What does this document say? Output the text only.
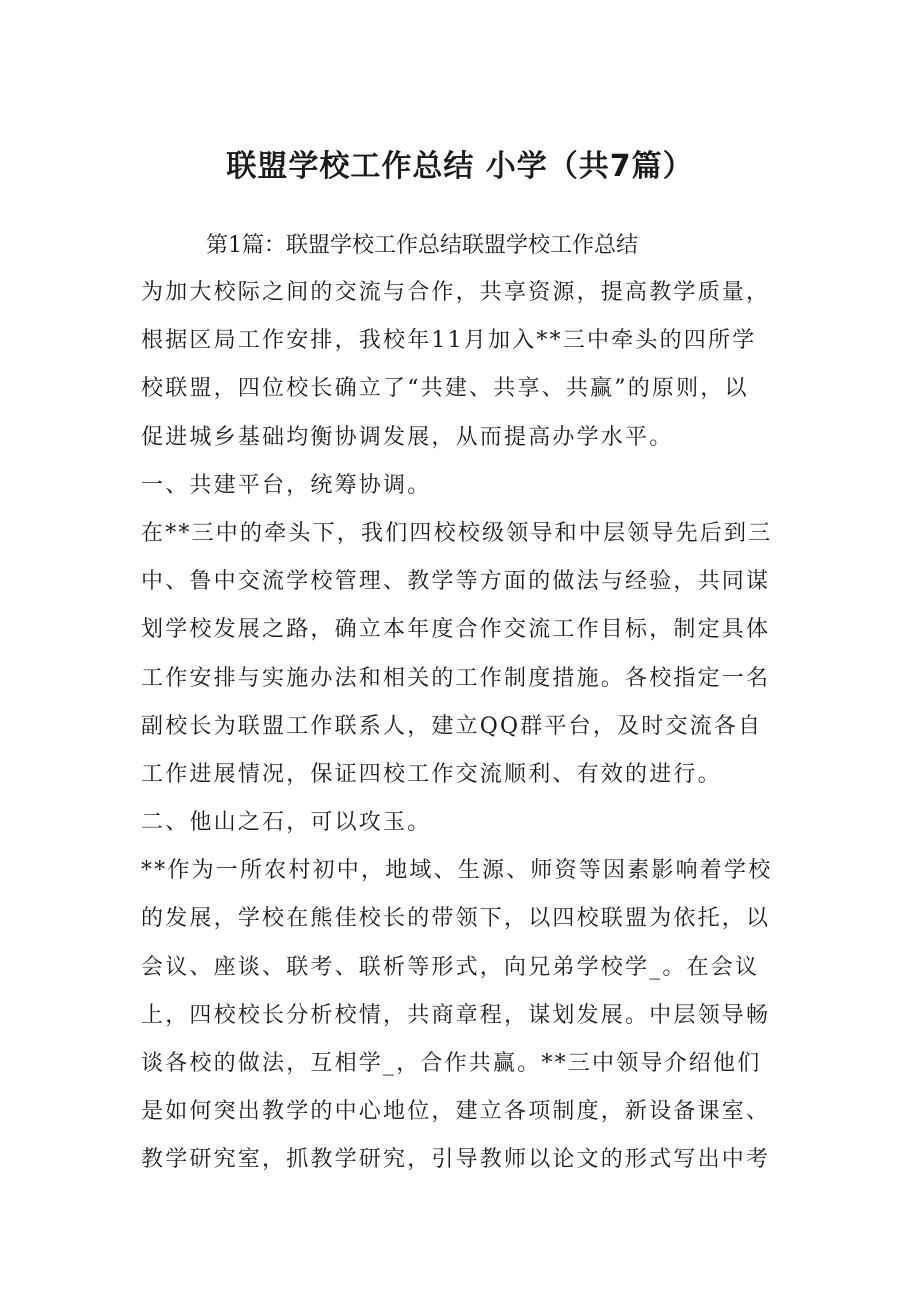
联盟学校工作总结 小学（共7篇）

第1篇：联盟学校工作总结联盟学校工作总结

为加大校际之间的交流与合作，共享资源，提高教学质量，
根据区局工作安排，我校年11月加入**三中牵头的四所学
校联盟，四位校长确立了“共建、共享、共赢”的原则，以
促进城乡基础均衡协调发展，从而提高办学水平。
一、共建平台，统筹协调。
在**三中的牵头下，我们四校校级领导和中层领导先后到三
中、鲁中交流学校管理、教学等方面的做法与经验，共同谋
划学校发展之路，确立本年度合作交流工作目标，制定具体
工作安排与实施办法和相关的工作制度措施。各校指定一名
副校长为联盟工作联系人，建立QQ群平台，及时交流各自
工作进展情况，保证四校工作交流顺利、有效的进行。
二、他山之石，可以攻玉。
**作为一所农村初中，地域、生源、师资等因素影响着学校
的发展，学校在熊佳校长的带领下，以四校联盟为依托，以
会议、座谈、联考、联析等形式，向兄弟学校学_。在会议
上，四校校长分析校情，共商章程，谋划发展。中层领导畅
谈各校的做法，互相学_，合作共赢。**三中领导介绍他们
是如何突出教学的中心地位，建立各项制度，新设备课室、
教学研究室，抓教学研究，引导教师以论文的形式写出中考
